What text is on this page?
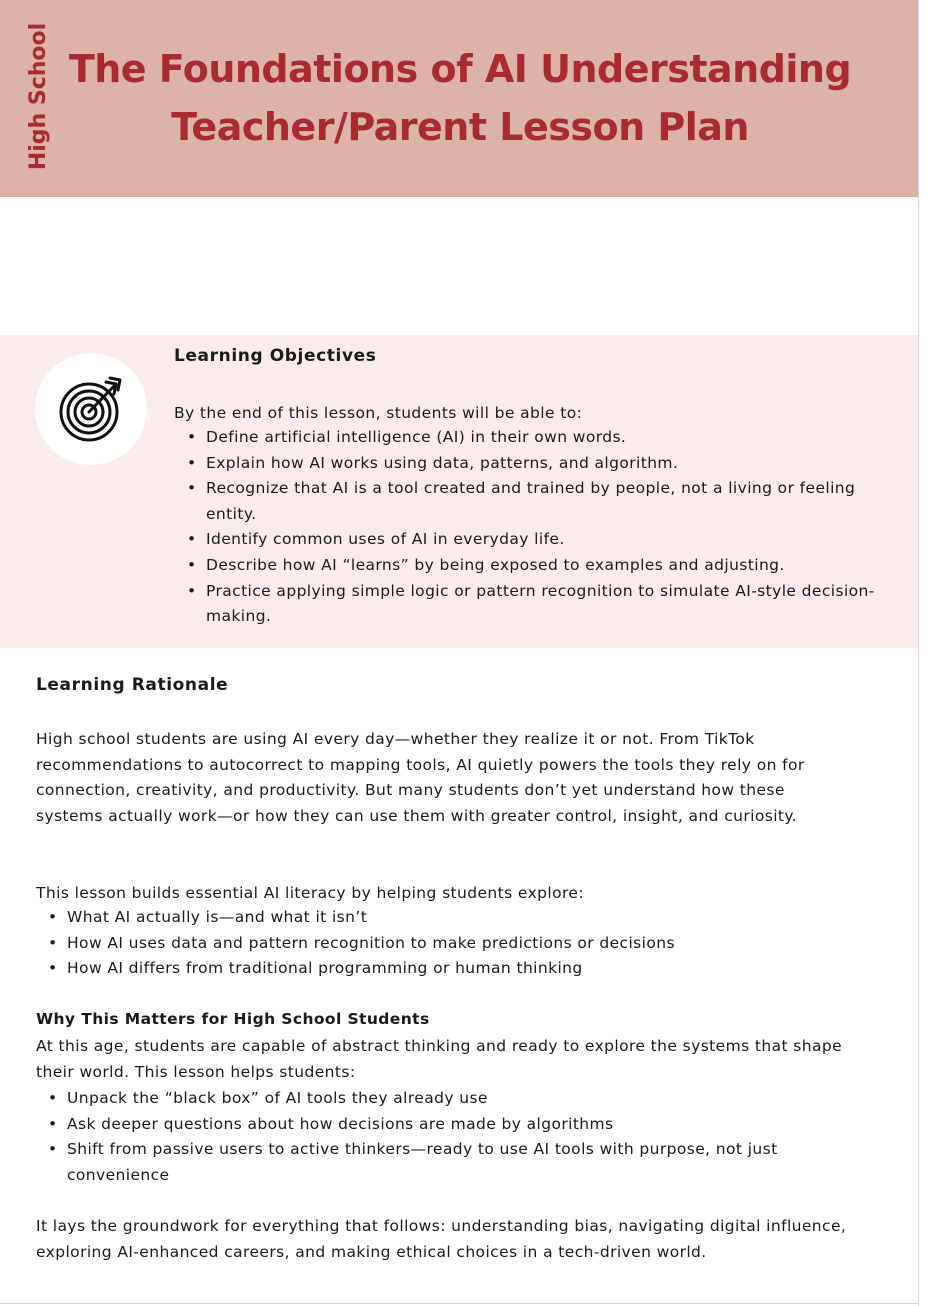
High School The Foundations of AI Understanding
Teacher/Parent Lesson Plan
Learning Objectives

By the end of this lesson, students will be able to:

• Define artificial intelligence (AI) in their own words.
• Explain how AI works using data, patterns, and algorithm.
• Recognize that AI is a tool created and trained by people, not a living or feeling entity.
• Identify common uses of AI in everyday life.
• Describe how AI “learns” by being exposed to examples and adjusting.
• Practice applying simple logic or pattern recognition to simulate AI-style decision-making.
Learning Rationale

High school students are using AI every day—whether they realize it or not. From TikTok recommendations to autocorrect to mapping tools, AI quietly powers the tools they rely on for connection, creativity, and productivity. But many students don’t yet understand how these systems actually work—or how they can use them with greater control, insight, and curiosity.

This lesson builds essential AI literacy by helping students explore:

• What AI actually is—and what it isn’t
• How AI uses data and pattern recognition to make predictions or decisions
• How AI differs from traditional programming or human thinking
Why This Matters for High School Students

At this age, students are capable of abstract thinking and ready to explore the systems that shape their world. This lesson helps students:

• Unpack the “black box” of AI tools they already use
• Ask deeper questions about how decisions are made by algorithms
• Shift from passive users to active thinkers—ready to use AI tools with purpose, not just convenience

It lays the groundwork for everything that follows: understanding bias, navigating digital influence, exploring AI-enhanced careers, and making ethical choices in a tech-driven world.
